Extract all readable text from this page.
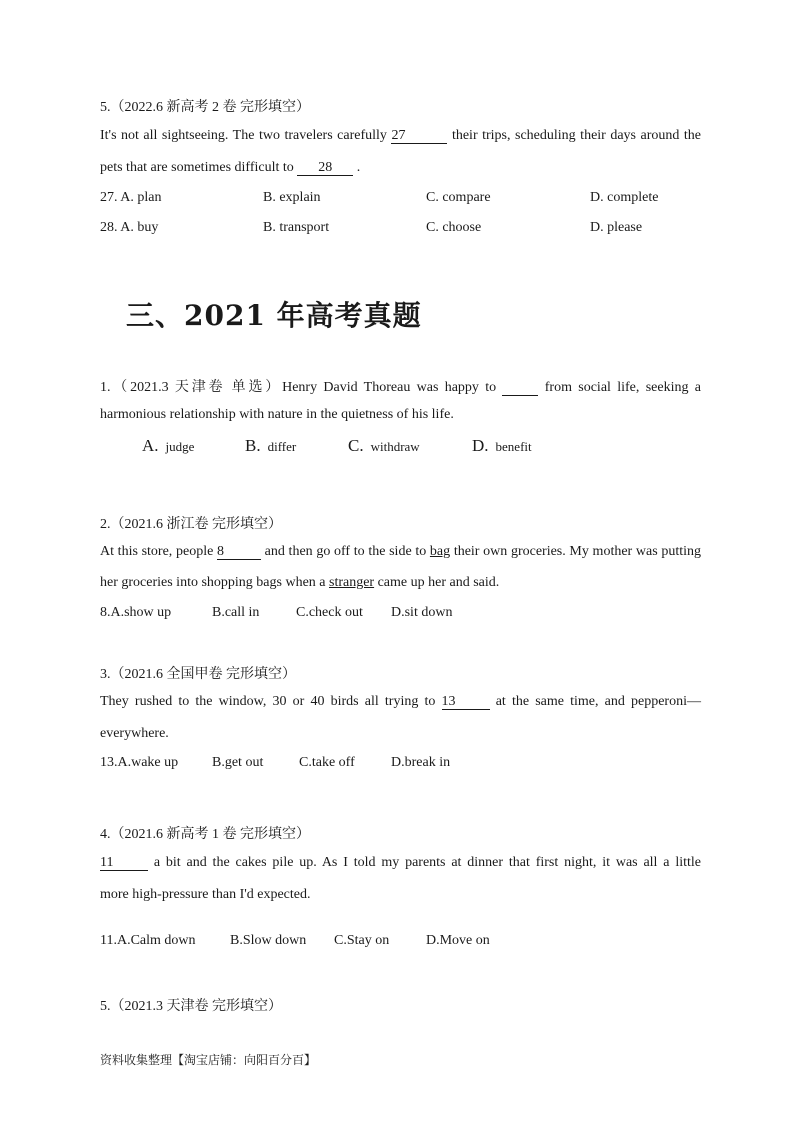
5.（2022.6 新高考 2 卷 完形填空）
It's not all sightseeing. The two travelers carefully 27	their trips, scheduling their days around the
pets that are sometimes difficult to 28 .
27. A. plan	B. explain	C. compare	D. complete
28. A. buy	B. transport	C. choose	D. please
三、2021 年高考真题
1.（2021.3 天津卷 单选）Henry David Thoreau was happy to	from social life, seeking a
harmonious relationship with nature in the quietness of his life.
A. judge	B. differ	C. withdraw	D. benefit
2.（2021.6 浙江卷 完形填空）
At this store, people 8	and then go off to the side to bag their own groceries. My mother was putting
her groceries into shopping bags when a stranger came up her and said.
8.A.show up	B.call in	C.check out D.sit down
3.（2021.6 全国甲卷 完形填空）
They rushed to the window, 30 or 40 birds all trying to 13 at the same time, and pepperoni—
everywhere.
13.A.wake up B.get out	C.take off	D.break in
4.（2021.6 新高考 1 卷 完形填空）
11 a bit and the cakes pile up. As I told my parents at dinner that first night, it was all a little
more high-pressure than I'd expected.
11.A.Calm down B.Slow down C.Stay on	D.Move on
5.（2021.3 天津卷 完形填空）
资料收集整理【淘宝店铺：向阳百分百】
